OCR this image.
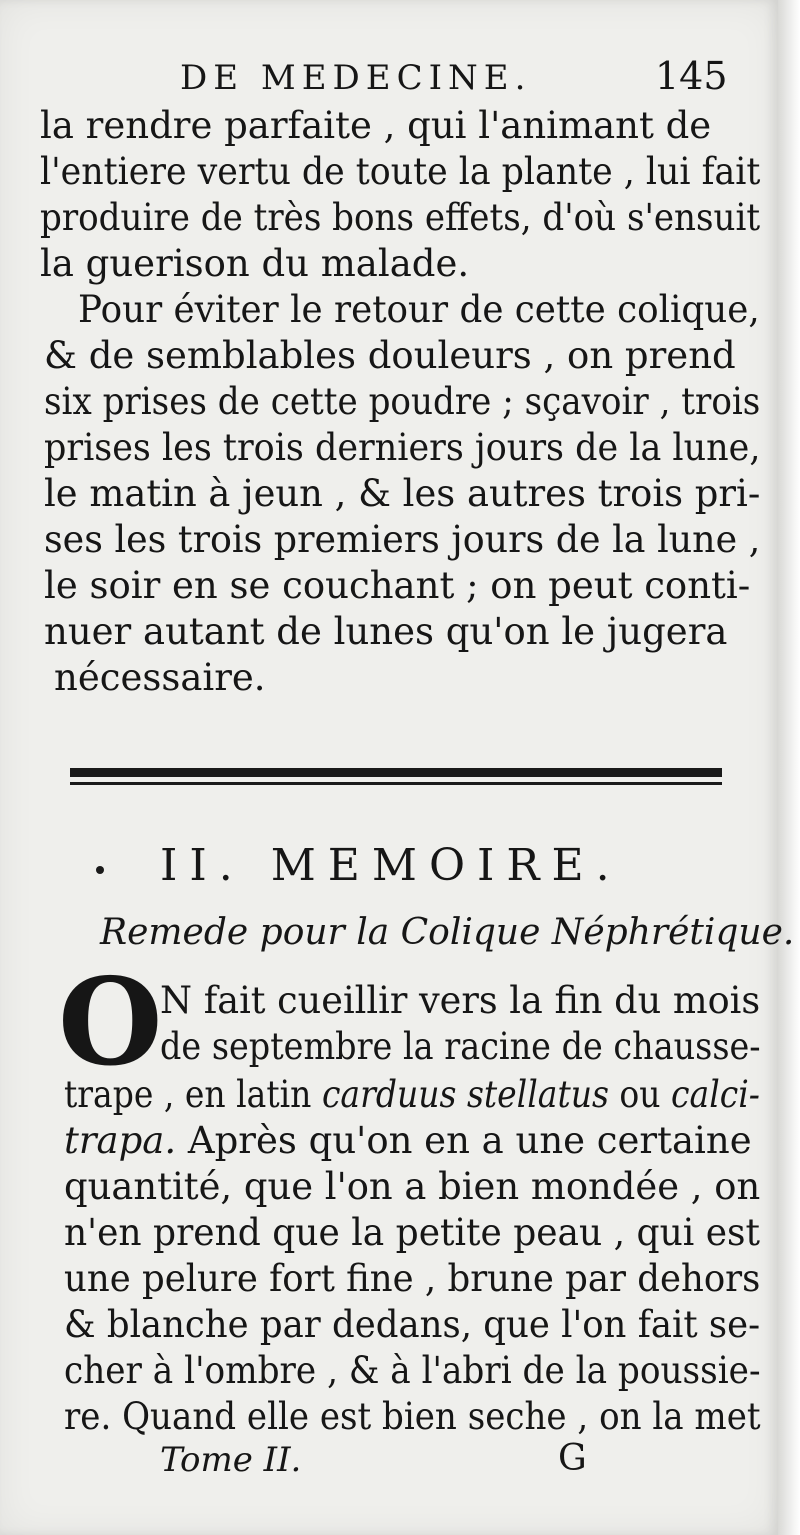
DE MEDECINE.	145
la rendre parfaite , qui l'animant de
l'entiere vertu de toute la plante , lui fait
produire de très bons effets, d'où s'ensuit
la guerison du malade.
Pour éviter le retour de cette colique,
& de semblables douleurs , on prend
six prises de cette poudre ; sçavoir , trois
prises les trois derniers jours de la lune,
le matin à jeun , & les autres trois pri-
ses les trois premiers jours de la lune ,
le soir en se couchant ; on peut conti-
nuer autant de lunes qu'on le jugera
nécessaire.
II. MEMOIRE.
Remede pour la Colique Néphrétique.
O
N fait cueillir vers la fin du mois
de septembre la racine de chausse-
trape , en latin carduus stellatus ou calci-
trapa. Après qu'on en a une certaine
quantité, que l'on a bien mondée , on
n'en prend que la petite peau , qui est
une pelure fort fine , brune par dehors
& blanche par dedans, que l'on fait se-
cher à l'ombre , & à l'abri de la poussie-
re. Quand elle est bien seche , on la met
Tome II.	G
